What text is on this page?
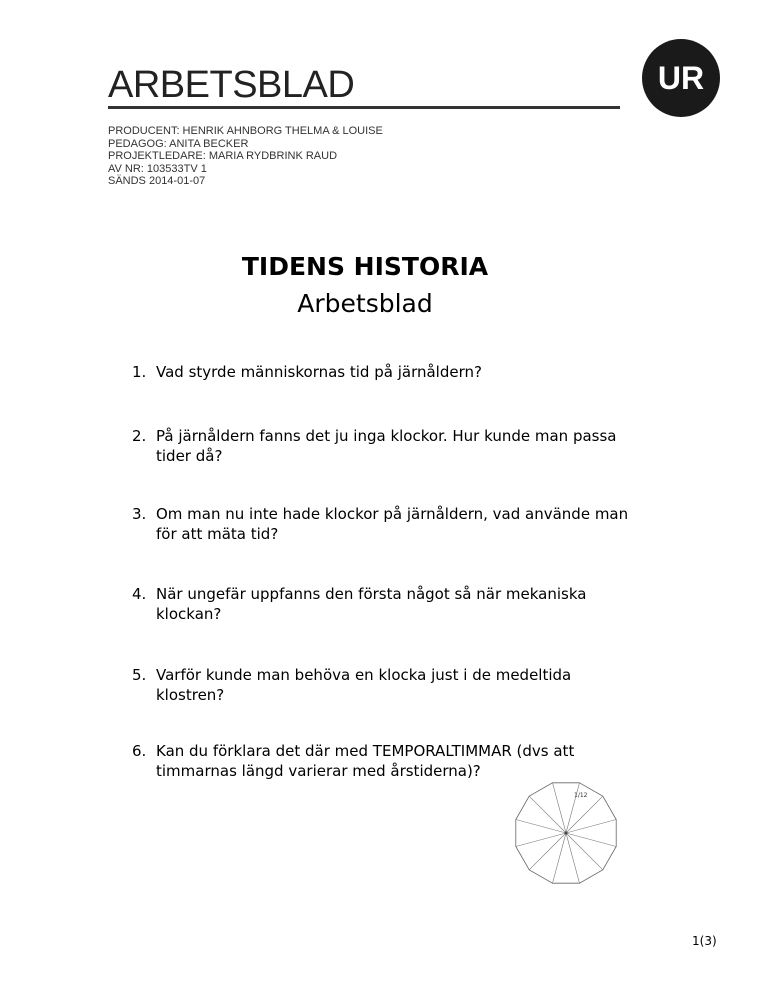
ARBETSBLAD	UR
PRODUCENT: HENRIK AHNBORG THELMA & LOUISE
PEDAGOG: ANITA BECKER
PROJEKTLEDARE: MARIA RYDBRINK RAUD
AV NR: 103533TV 1
SÄNDS 2014-01-07
TIDENS HISTORIA
Arbetsblad
1. Vad styrde människornas tid på järnåldern?
2. På järnåldern fanns det ju inga klockor. Hur kunde man passa tider då?
3. Om man nu inte hade klockor på järnåldern, vad använde man för att mäta tid?
4. När ungefär uppfanns den första något så när mekaniska klockan?
5. Varför kunde man behöva en klocka just i de medeltida klostren?
6. Kan du förklara det där med TEMPORALTIMMAR (dvs att timmarnas längd varierar med årstiderna)?
1/12
1(3)
